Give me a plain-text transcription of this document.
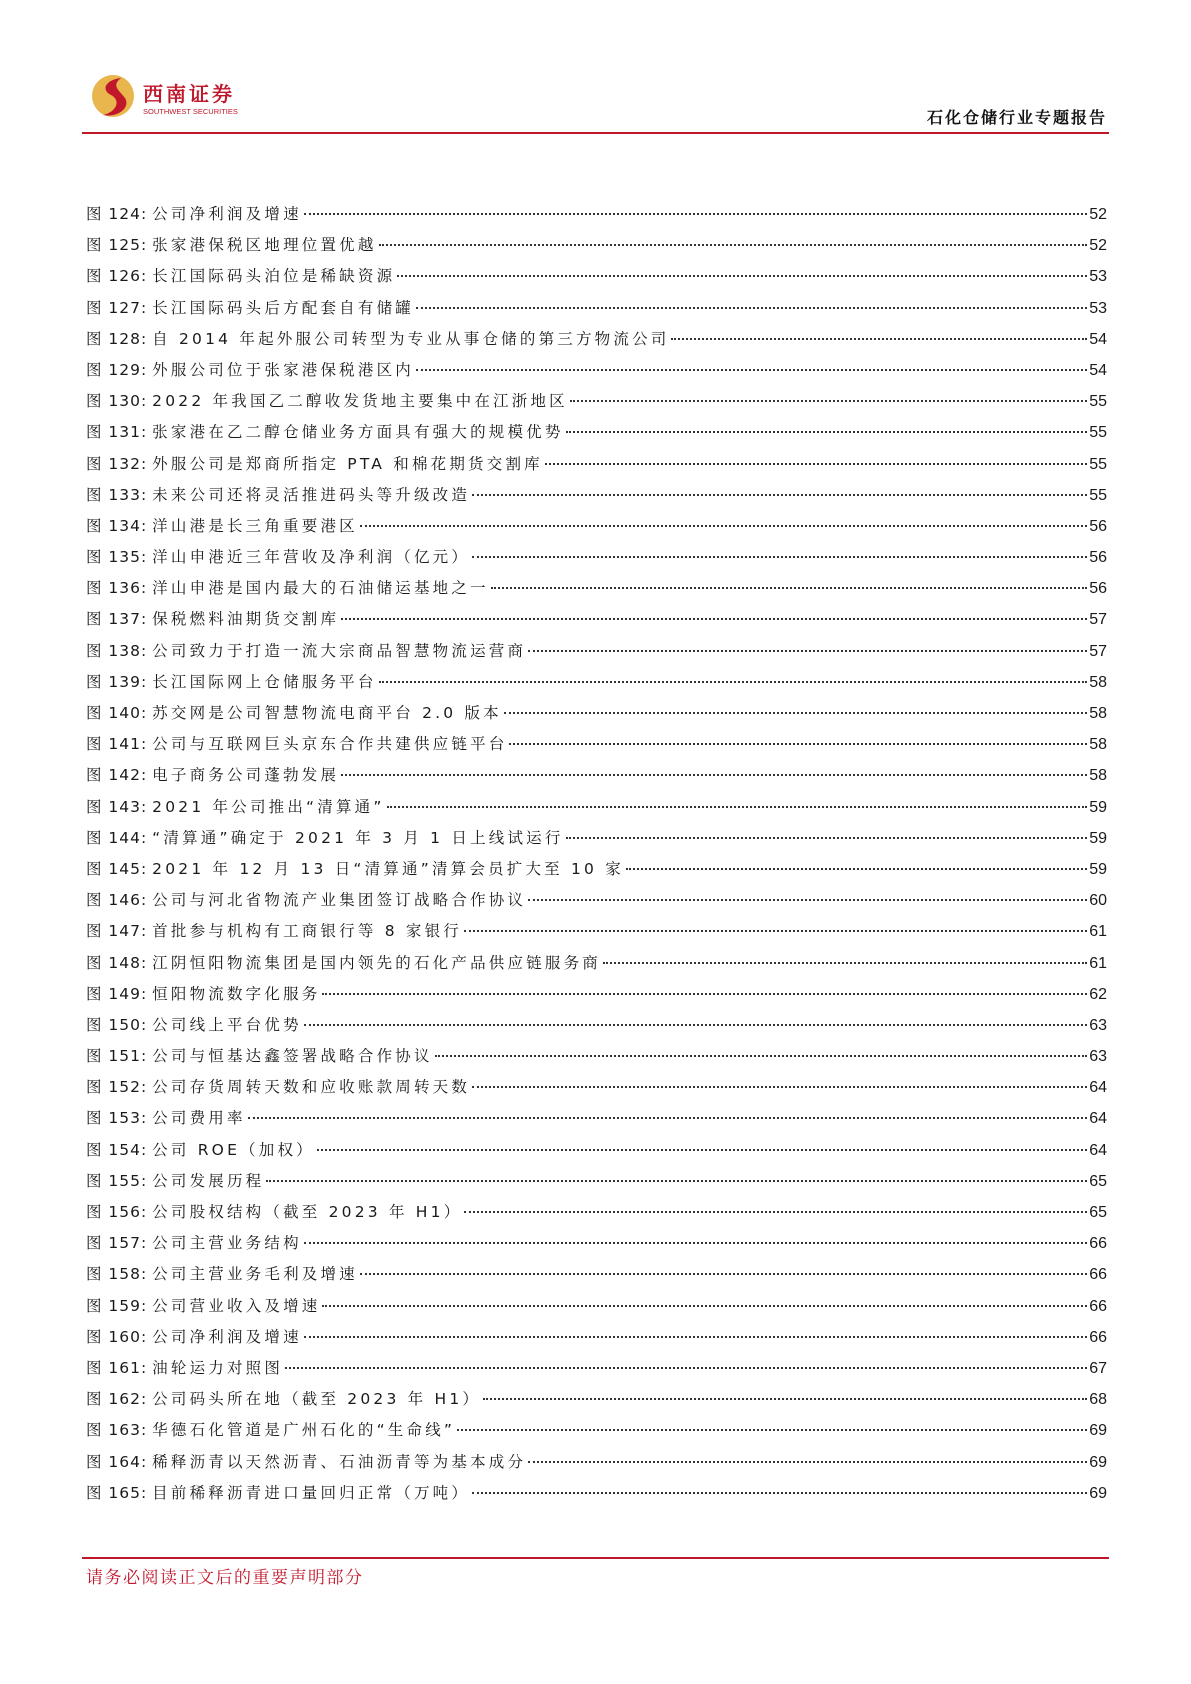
西南证券
SOUTHWEST SECURITIES	石化仓储行业专题报告
图 124: 公司净利润及增速	52
图 125: 张家港保税区地理位置优越	52
图 126: 长江国际码头泊位是稀缺资源	53
图 127: 长江国际码头后方配套自有储罐	53
图 128: 自 2014 年起外服公司转型为专业从事仓储的第三方物流公司	54
图 129: 外服公司位于张家港保税港区内	54
图 130: 2022 年我国乙二醇收发货地主要集中在江浙地区	55
图 131: 张家港在乙二醇仓储业务方面具有强大的规模优势	55
图 132: 外服公司是郑商所指定 PTA 和棉花期货交割库	55
图 133: 未来公司还将灵活推进码头等升级改造	55
图 134: 洋山港是长三角重要港区	56
图 135: 洋山申港近三年营收及净利润（亿元）	56
图 136: 洋山申港是国内最大的石油储运基地之一	56
图 137: 保税燃料油期货交割库	57
图 138: 公司致力于打造一流大宗商品智慧物流运营商	57
图 139: 长江国际网上仓储服务平台	58
图 140: 苏交网是公司智慧物流电商平台 2.0 版本	58
图 141: 公司与互联网巨头京东合作共建供应链平台	58
图 142: 电子商务公司蓬勃发展	58
图 143: 2021 年公司推出“清算通”	59
图 144: “清算通”确定于 2021 年 3 月 1 日上线试运行	59
图 145: 2021 年 12 月 13 日“清算通”清算会员扩大至 10 家	59
图 146: 公司与河北省物流产业集团签订战略合作协议	60
图 147: 首批参与机构有工商银行等 8 家银行	61
图 148: 江阴恒阳物流集团是国内领先的石化产品供应链服务商	61
图 149: 恒阳物流数字化服务	62
图 150: 公司线上平台优势	63
图 151: 公司与恒基达鑫签署战略合作协议	63
图 152: 公司存货周转天数和应收账款周转天数	64
图 153: 公司费用率	64
图 154: 公司 ROE（加权）	64
图 155: 公司发展历程	65
图 156: 公司股权结构（截至 2023 年 H1）	65
图 157: 公司主营业务结构	66
图 158: 公司主营业务毛利及增速	66
图 159: 公司营业收入及增速	66
图 160: 公司净利润及增速	66
图 161: 油轮运力对照图	67
图 162: 公司码头所在地（截至 2023 年 H1）	68
图 163: 华德石化管道是广州石化的“生命线”	69
图 164: 稀释沥青以天然沥青、石油沥青等为基本成分	69
图 165: 目前稀释沥青进口量回归正常（万吨）	69
请务必阅读正文后的重要声明部分
